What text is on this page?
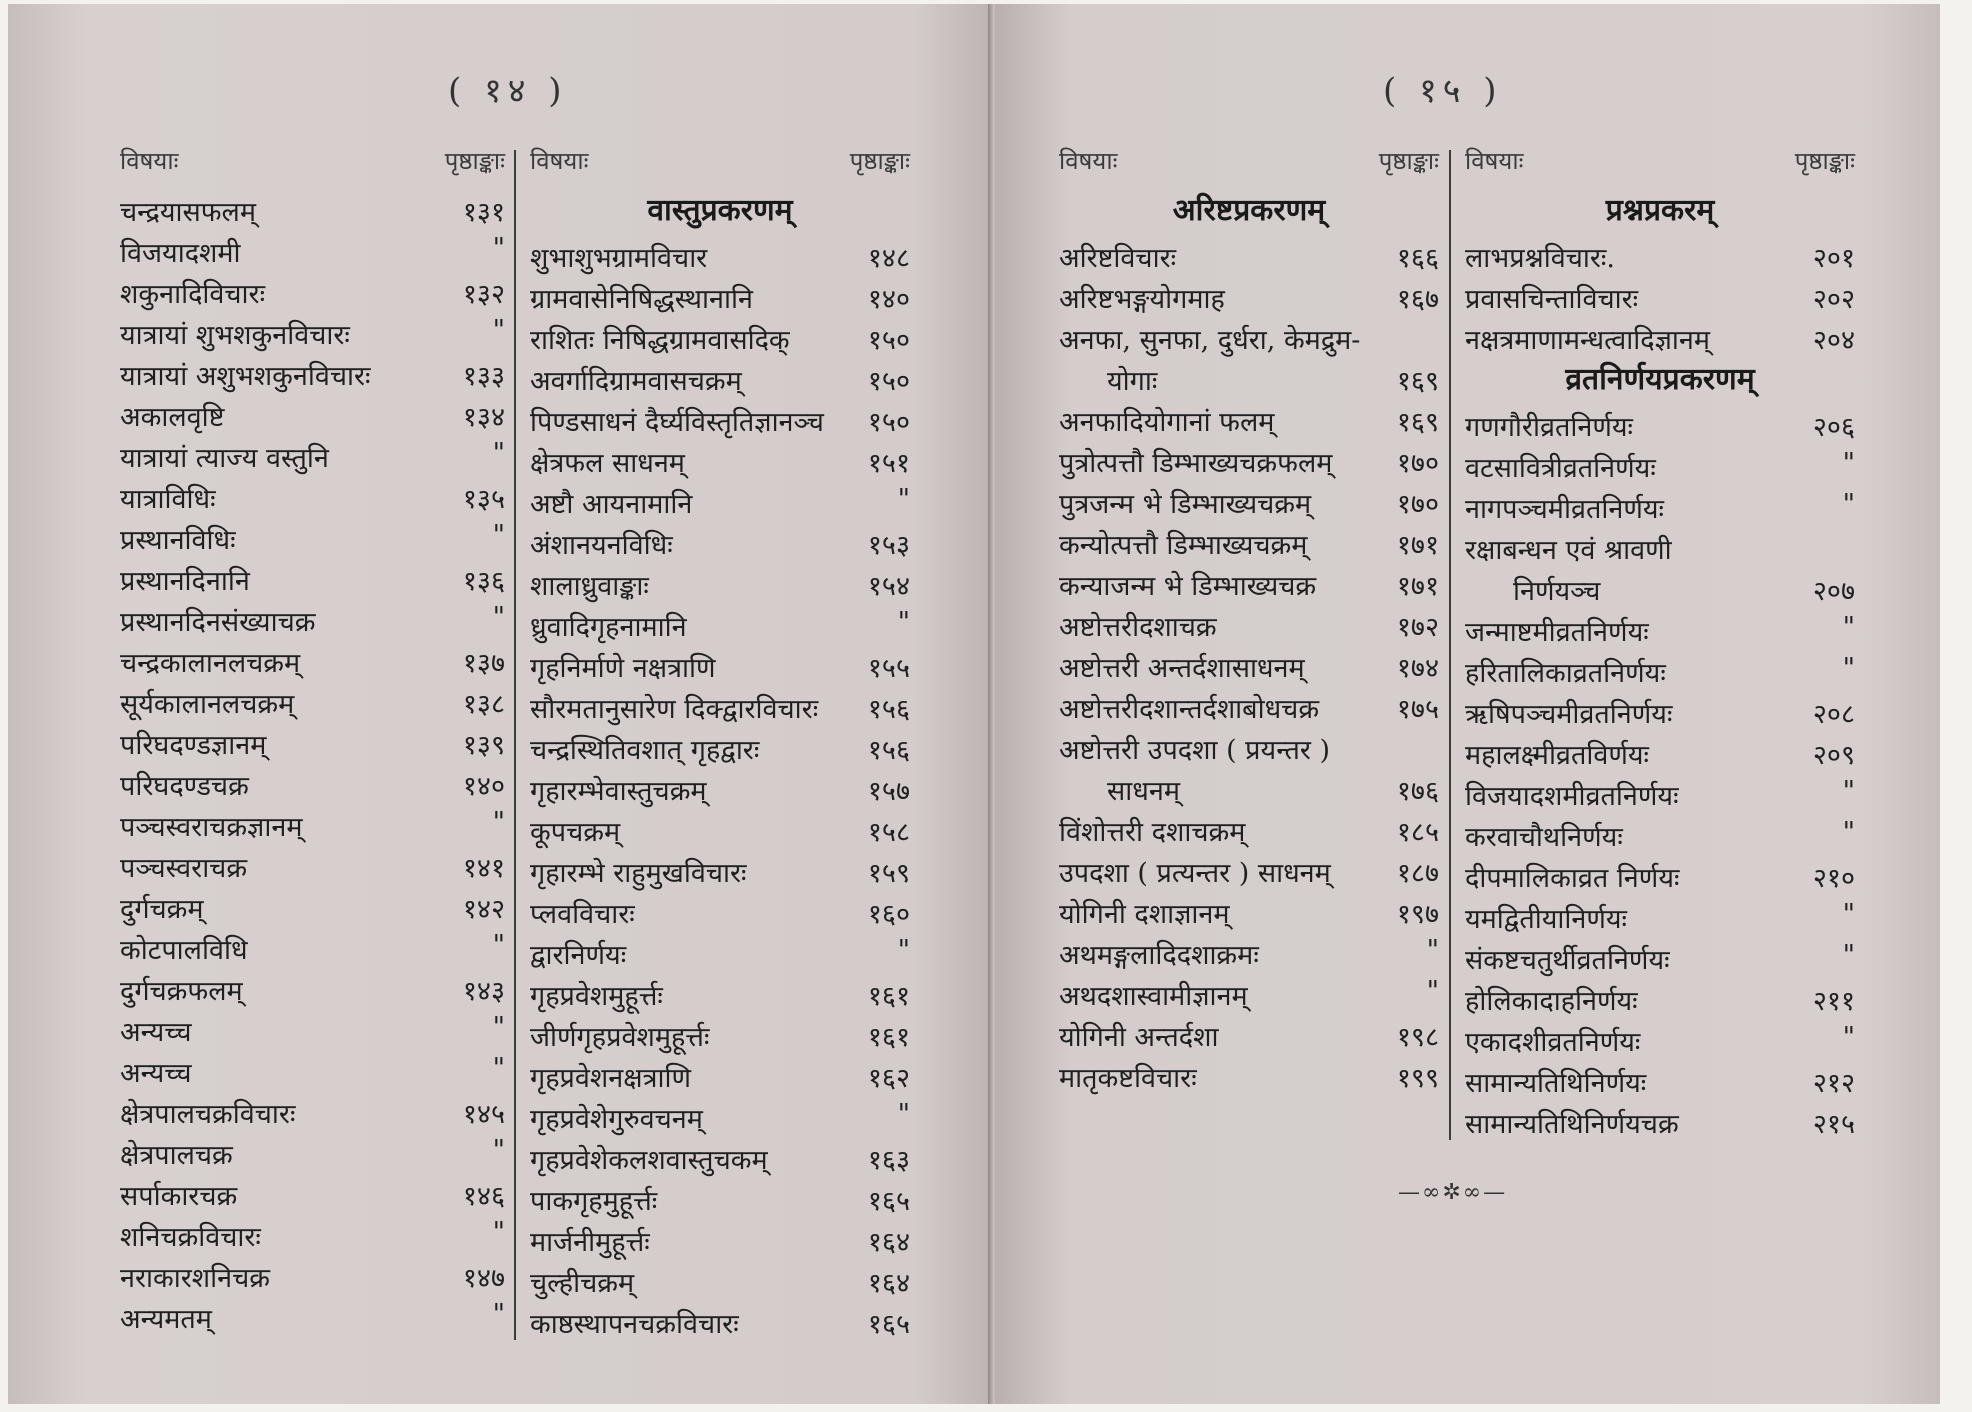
( १४ )
विषयाः	पृष्ठाङ्काः
चन्द्रयासफलम्	१३१
विजयादशमी	"
शकुनादिविचारः	१३२
यात्रायां शुभशकुनविचारः	"
यात्रायां अशुभशकुनविचारः	१३३
अकालवृष्टि	१३४
यात्रायां त्याज्य वस्तुनि	"
यात्राविधिः	१३५
प्रस्थानविधिः	"
प्रस्थानदिनानि	१३६
प्रस्थानदिनसंख्याचक्र	"
चन्द्रकालानलचक्रम्	१३७
सूर्यकालानलचक्रम्	१३८
परिघदण्डज्ञानम्	१३९
परिघदण्डचक्र	१४०
पञ्चस्वराचक्रज्ञानम्	"
पञ्चस्वराचक्र	१४१
दुर्गचक्रम्	१४२
कोटपालविधि	"
दुर्गचक्रफलम्	१४३
अन्यच्च	"
अन्यच्च	"
क्षेत्रपालचक्रविचारः	१४५
क्षेत्रपालचक्र	"
सर्पाकारचक्र	१४६
शनिचक्रविचारः	"
नराकारशनिचक्र	१४७
अन्यमतम्	"
विषयाः	पृष्ठाङ्काः
वास्तुप्रकरणम्
शुभाशुभग्रामविचार	१४८
ग्रामवासेनिषिद्धस्थानानि	१४०
राशितः निषिद्धग्रामवासदिक्	१५०
अवर्गादिग्रामवासचक्रम्	१५०
पिण्डसाधनं दैर्घ्यविस्तृतिज्ञानञ्च १५०
क्षेत्रफल साधनम्	१५१
अष्टौ आयनामानि	"
अंशानयनविधिः	१५३
शालाध्रुवाङ्काः	१५४
ध्रुवादिगृहनामानि	"
गृहनिर्माणे नक्षत्राणि	१५५
सौरमतानुसारेण दिक्द्वारविचारः १५६
चन्द्रस्थितिवशात् गृहद्वारः	१५६
गृहारम्भेवास्तुचक्रम्	१५७
कूपचक्रम्	१५८
गृहारम्भे राहुमुखविचारः	१५९
प्लवविचारः	१६०
द्वारनिर्णयः	"
गृहप्रवेशमुहूर्त्तः	१६१
जीर्णगृहप्रवेशमुहूर्त्तः	१६१
गृहप्रवेशनक्षत्राणि	१६२
गृहप्रवेशेगुरुवचनम्	"
गृहप्रवेशेकलशवास्तुचकम्	१६३
पाकगृहमुहूर्त्तः	१६५
मार्जनीमुहूर्त्तः	१६४
चुल्हीचक्रम्	१६४
काष्ठस्थापनचक्रविचारः	१६५
( १५ )
विषयाः	पृष्ठाङ्काः
अरिष्टप्रकरणम्
अरिष्टविचारः	१६६
अरिष्टभङ्गयोगमाह	१६७
अनफा, सुनफा, दुर्धरा, केमद्रुम-
योगाः	१६९
अनफादियोगानां फलम्	१६९
पुत्रोत्पत्तौ डिम्भाख्यचक्रफलम् १७०
पुत्रजन्म भे डिम्भाख्यचक्रम्	१७०
कन्योत्पत्तौ डिम्भाख्यचक्रम्	१७१
कन्याजन्म भे डिम्भाख्यचक्र	१७१
अष्टोत्तरीदशाचक्र	१७२
अष्टोत्तरी अन्तर्दशासाधनम्	१७४
अष्टोत्तरीदशान्तर्दशाबोधचक्र	१७५
अष्टोत्तरी उपदशा ( प्रयन्तर )
साधनम्	१७६
विंशोत्तरी दशाचक्रम्	१८५
उपदशा ( प्रत्यन्तर ) साधनम् १८७
योगिनी दशाज्ञानम्	१९७
अथमङ्गलादिदशाक्रमः	"
अथदशास्वामीज्ञानम्	"
योगिनी अन्तर्दशा	१९८
मातृकष्टविचारः	१९९
विषयाः	पृष्ठाङ्काः
प्रश्नप्रकरम्
लाभप्रश्नविचारः.	२०१
प्रवासचिन्ताविचारः	२०२
नक्षत्रमाणामन्धत्वादिज्ञानम्	२०४
व्रतनिर्णयप्रकरणम्
गणगौरीव्रतनिर्णयः	२०६
वटसावित्रीव्रतनिर्णयः	"
नागपञ्चमीव्रतनिर्णयः	"
रक्षाबन्धन एवं श्रावणी
निर्णयञ्च	२०७
जन्माष्टमीव्रतनिर्णयः	"
हरितालिकाव्रतनिर्णयः	"
ऋषिपञ्चमीव्रतनिर्णयः	२०८
महालक्ष्मीव्रतविर्णयः	२०९
विजयादशमीव्रतनिर्णयः	"
करवाचौथनिर्णयः	"
दीपमालिकाव्रत निर्णयः	२१०
यमद्वितीयानिर्णयः	"
संकष्टचतुर्थीव्रतनिर्णयः	"
होलिकादाहनिर्णयः	२११
एकादशीव्रतनिर्णयः	"
सामान्यतिथिनिर्णयः	२१२
सामान्यतिथिनिर्णयचक्र	२१५
—∞✲∞—
